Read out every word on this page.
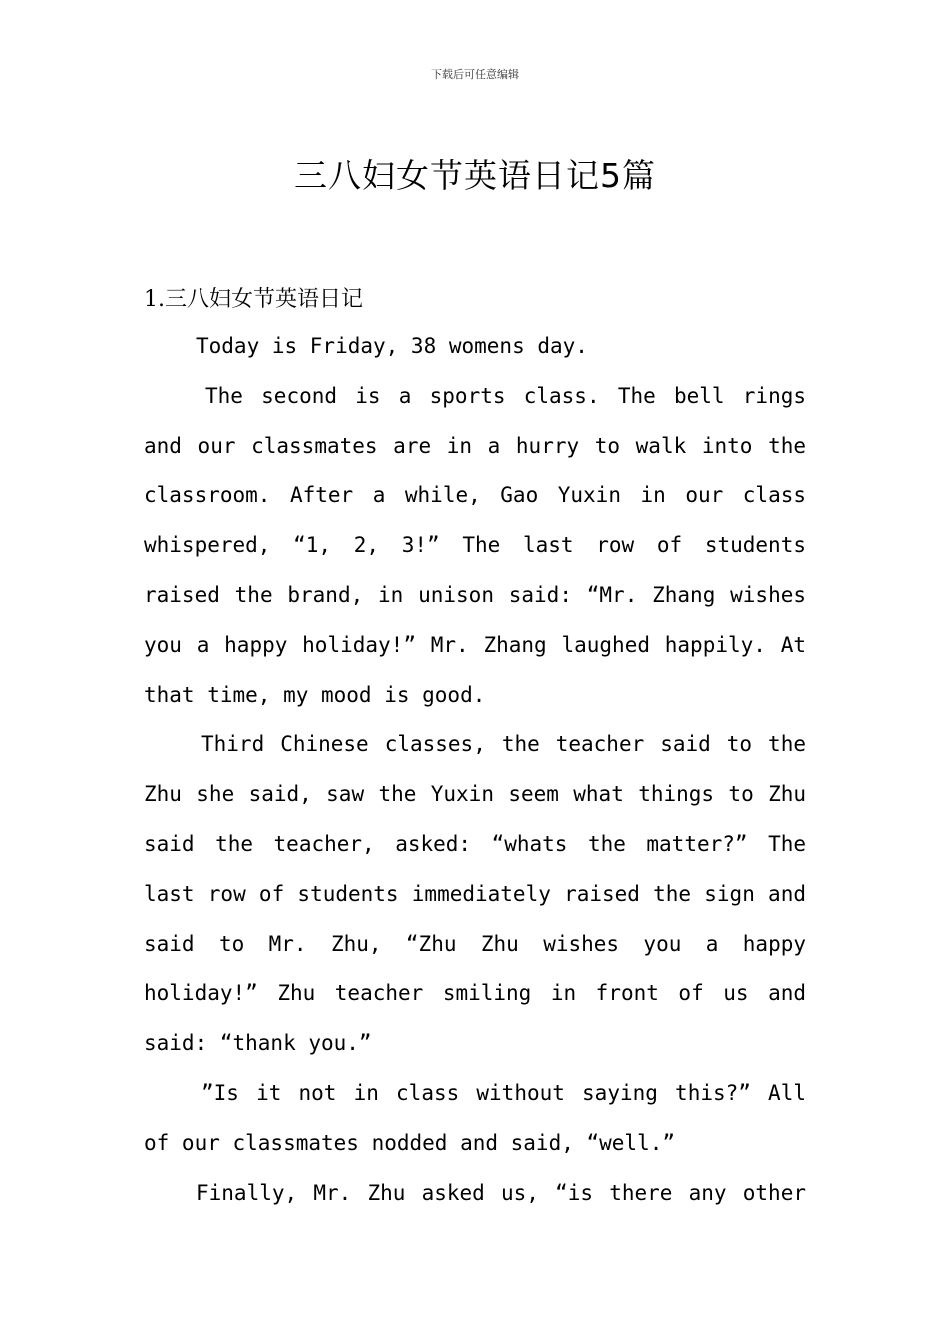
下载后可任意编辑
三八妇女节英语日记5篇

1.三八妇女节英语日记

Today is Friday, 38 womens day.

The second is a sports class. The bell rings and our classmates are in a hurry to walk into the classroom. After a while, Gao Yuxin in our class whispered, “1, 2, 3!” The last row of students raised the brand, in unison said: “Mr. Zhang wishes you a happy holiday!” Mr. Zhang laughed happily. At that time, my mood is good.

Third Chinese classes, the teacher said to the Zhu she said, saw the Yuxin seem what things to Zhu said the teacher, asked: “whats the matter?” The last row of students immediately raised the sign and said to Mr. Zhu, “Zhu Zhu wishes you a happy holiday!” Zhu teacher smiling in front of us and said: “thank you.”

”Is it not in class without saying this?” All of our classmates nodded and said, “well.”

Finally, Mr. Zhu asked us, “is there any other
